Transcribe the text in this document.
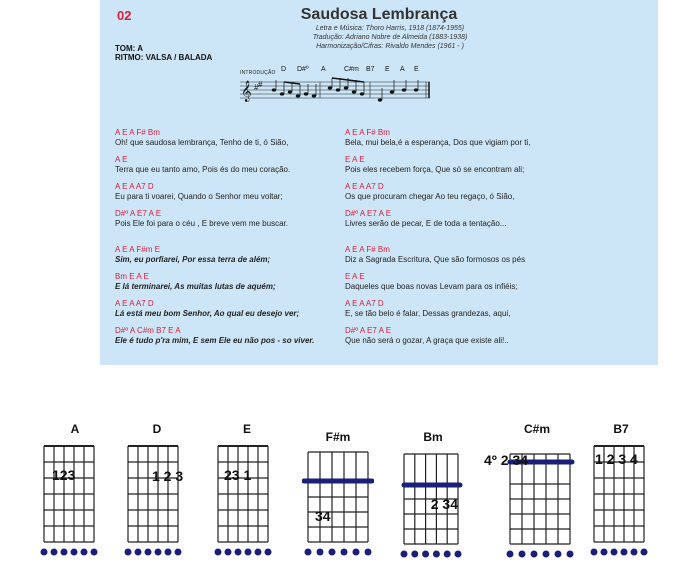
02	Saudosa Lembrança
Letra e Música: Thoro Harris, 1918 (1874-1955)
Tradução: Adriano Nobre de Almeida (1883-1938)
Harmonização/Cifras: Rivaldo Mendes (1961 - )
TOM: A
RITMO: VALSA / BALADA
INTRODUÇÃO D D#º A	C#m B7 E A E
𝄞 # #
A E A F# Bm
Oh! que saudosa lembrança, Tenho de ti, ó Sião,
A E
Terra que eu tanto amo, Pois és do meu coração.
A E A A7 D
Eu para ti voarei, Quando o Senhor meu voltar;
D#º A E7 A E
Pois Ele foi para o céu , E breve vem me buscar.
A E A F#m E
Sim, eu porfiarei, Por essa terra de além;
Bm E A E
E lá terminarei, As muitas lutas de aquém;
A E A A7 D
Lá está meu bom Senhor, Ao qual eu desejo ver;
D#º A C#m B7 E A
Ele é tudo p'ra mim, E sem Ele eu não pos - so viver.
A E A F# Bm
Bela, mui bela,é a esperança, Dos que vigiam por ti,
E A E
Pois eles recebem força, Que só se encontram ali;
A E A A7 D
Os que procuram chegar Ao teu regaço, ó Sião,
D#º A E7 A E
Livres serão de pecar, E de toda a tentação...
A E A F# Bm
Diz a Sagrada Escritura, Que são formosos os pés
E A E
Daqueles que boas novas Levam para os infiéis;
A E A A7 D
E, se tão belo é falar, Dessas grandezas, aqui,
D#º A E7 A E
Que não será o gozar, A graça que existe ali!..
A
123
D
1 2 3
E
23 1
F#m
34
Bm
2 34
C#m
4º 2 34
B7
1 2 3 4
